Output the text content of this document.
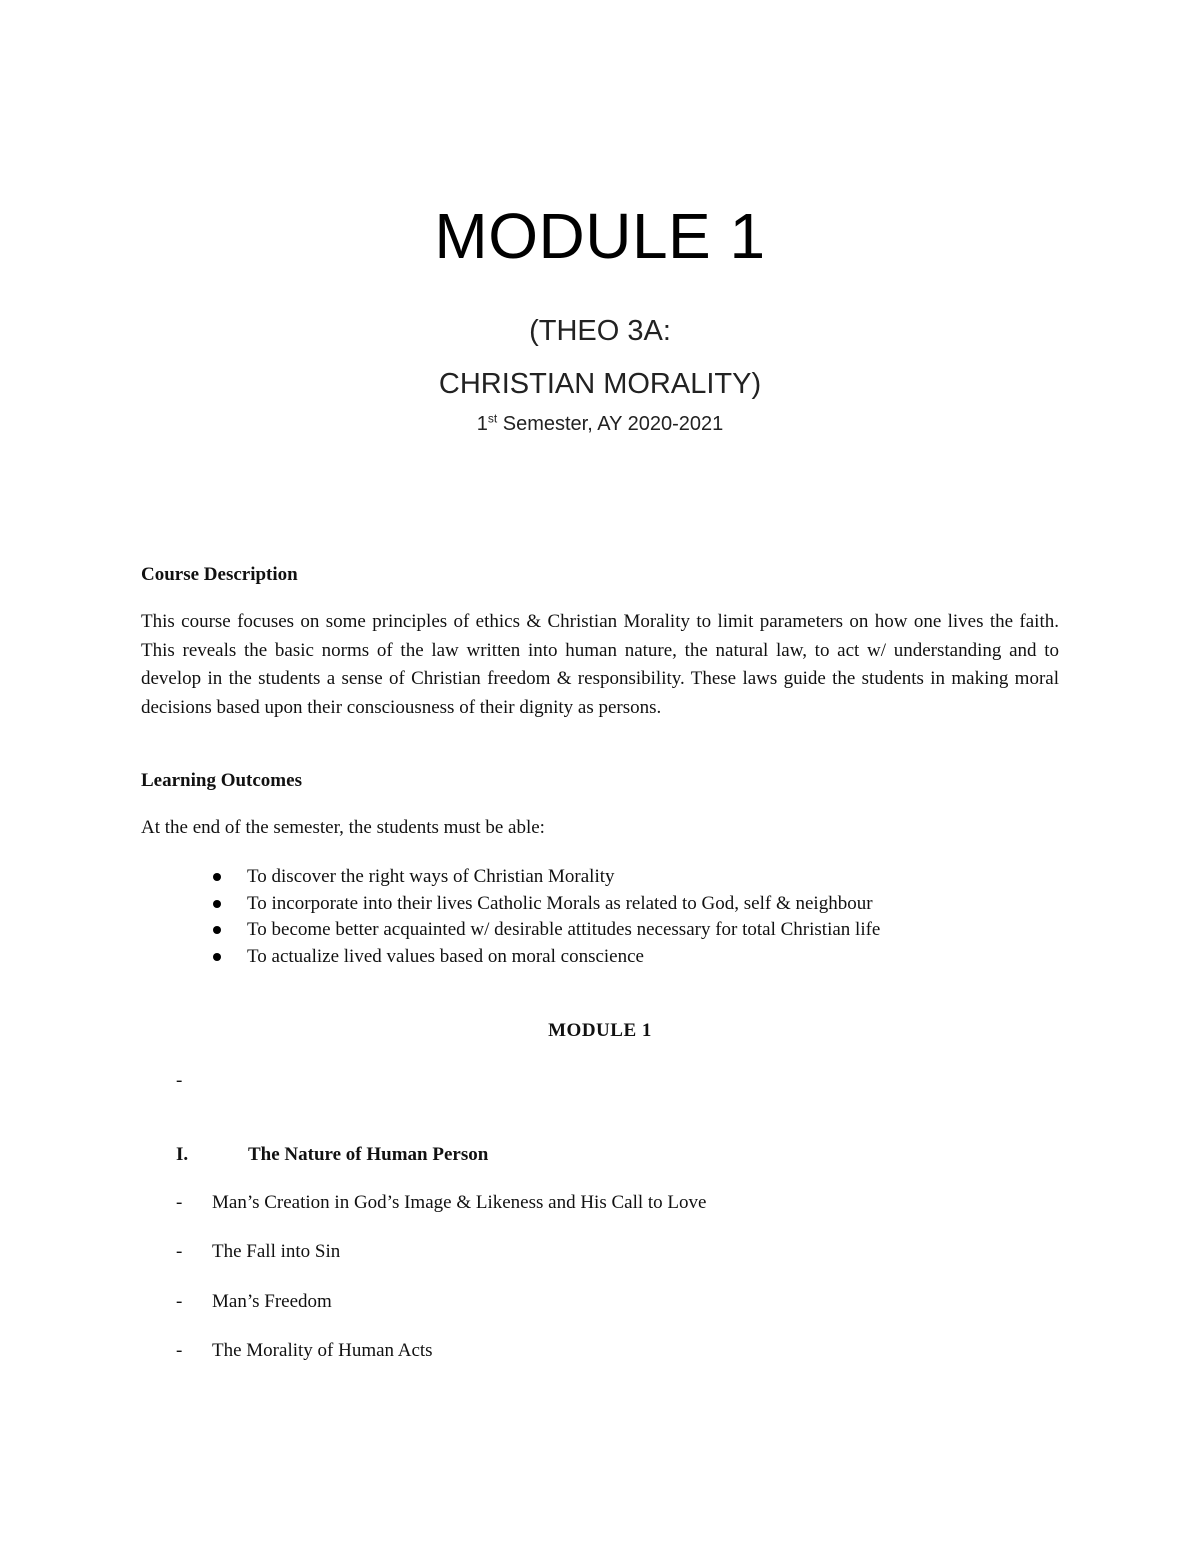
MODULE 1
(THEO 3A:
CHRISTIAN MORALITY)
1st Semester, AY 2020-2021
Course Description
This course focuses on some principles of ethics & Christian Morality to limit parameters on how one lives the faith. This reveals the basic norms of the law written into human nature, the natural law, to act w/ understanding and to develop in the students a sense of Christian freedom & responsibility. These laws guide the students in making moral decisions based upon their consciousness of their dignity as persons.
Learning Outcomes
At the end of the semester, the students must be able:
To discover the right ways of Christian Morality
To incorporate into their lives Catholic Morals as related to God, self & neighbour
To become better acquainted w/ desirable attitudes necessary for total Christian life
To actualize lived values based on moral conscience
MODULE 1
-
I.	The Nature of Human Person
- Man’s Creation in God’s Image & Likeness and His Call to Love
- The Fall into Sin
- Man’s Freedom
- The Morality of Human Acts
